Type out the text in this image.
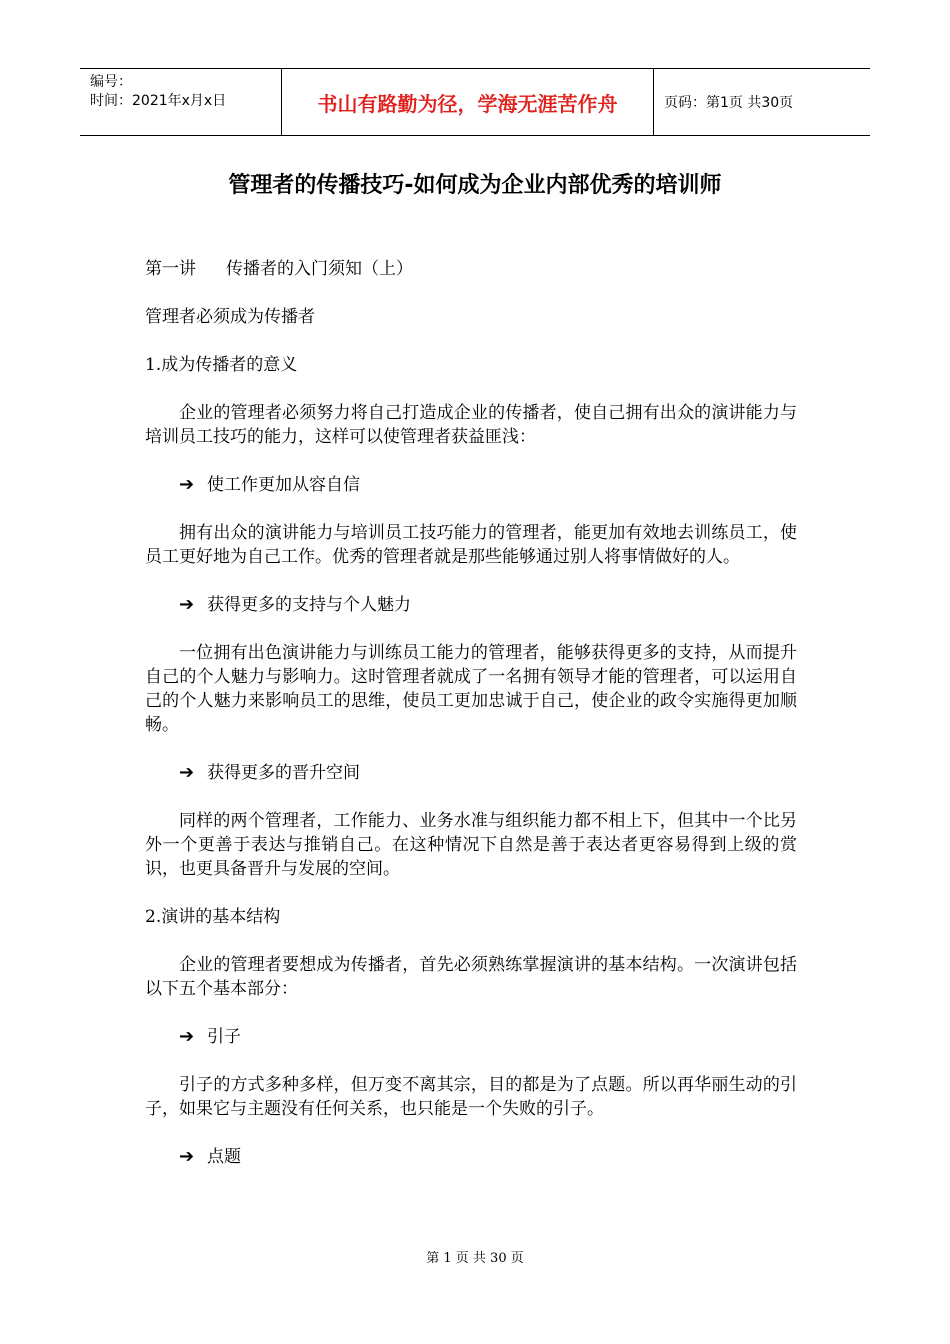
编号：
时间：2021年x月x日	书山有路勤为径，学海无涯苦作舟	页码：第1页 共30页
管理者的传播技巧-如何成为企业内部优秀的培训师

第一讲 传播者的入门须知（上）

管理者必须成为传播者

1.成为传播者的意义

企业的管理者必须努力将自己打造成企业的传播者，使自己拥有出众的演讲能力与培训员工技巧的能力，这样可以使管理者获益匪浅：

➔ 使工作更加从容自信

拥有出众的演讲能力与培训员工技巧能力的管理者，能更加有效地去训练员工，使员工更好地为自己工作。优秀的管理者就是那些能够通过别人将事情做好的人。

➔ 获得更多的支持与个人魅力

一位拥有出色演讲能力与训练员工能力的管理者，能够获得更多的支持，从而提升自己的个人魅力与影响力。这时管理者就成了一名拥有领导才能的管理者，可以运用自己的个人魅力来影响员工的思维，使员工更加忠诚于自己，使企业的政令实施得更加顺畅。

➔ 获得更多的晋升空间

同样的两个管理者，工作能力、业务水准与组织能力都不相上下，但其中一个比另外一个更善于表达与推销自己。在这种情况下自然是善于表达者更容易得到上级的赏识，也更具备晋升与发展的空间。

2.演讲的基本结构

企业的管理者要想成为传播者，首先必须熟练掌握演讲的基本结构。一次演讲包括以下五个基本部分：

➔ 引子

引子的方式多种多样，但万变不离其宗，目的都是为了点题。所以再华丽生动的引子，如果它与主题没有任何关系，也只能是一个失败的引子。

➔ 点题
第 1 页 共 30 页
